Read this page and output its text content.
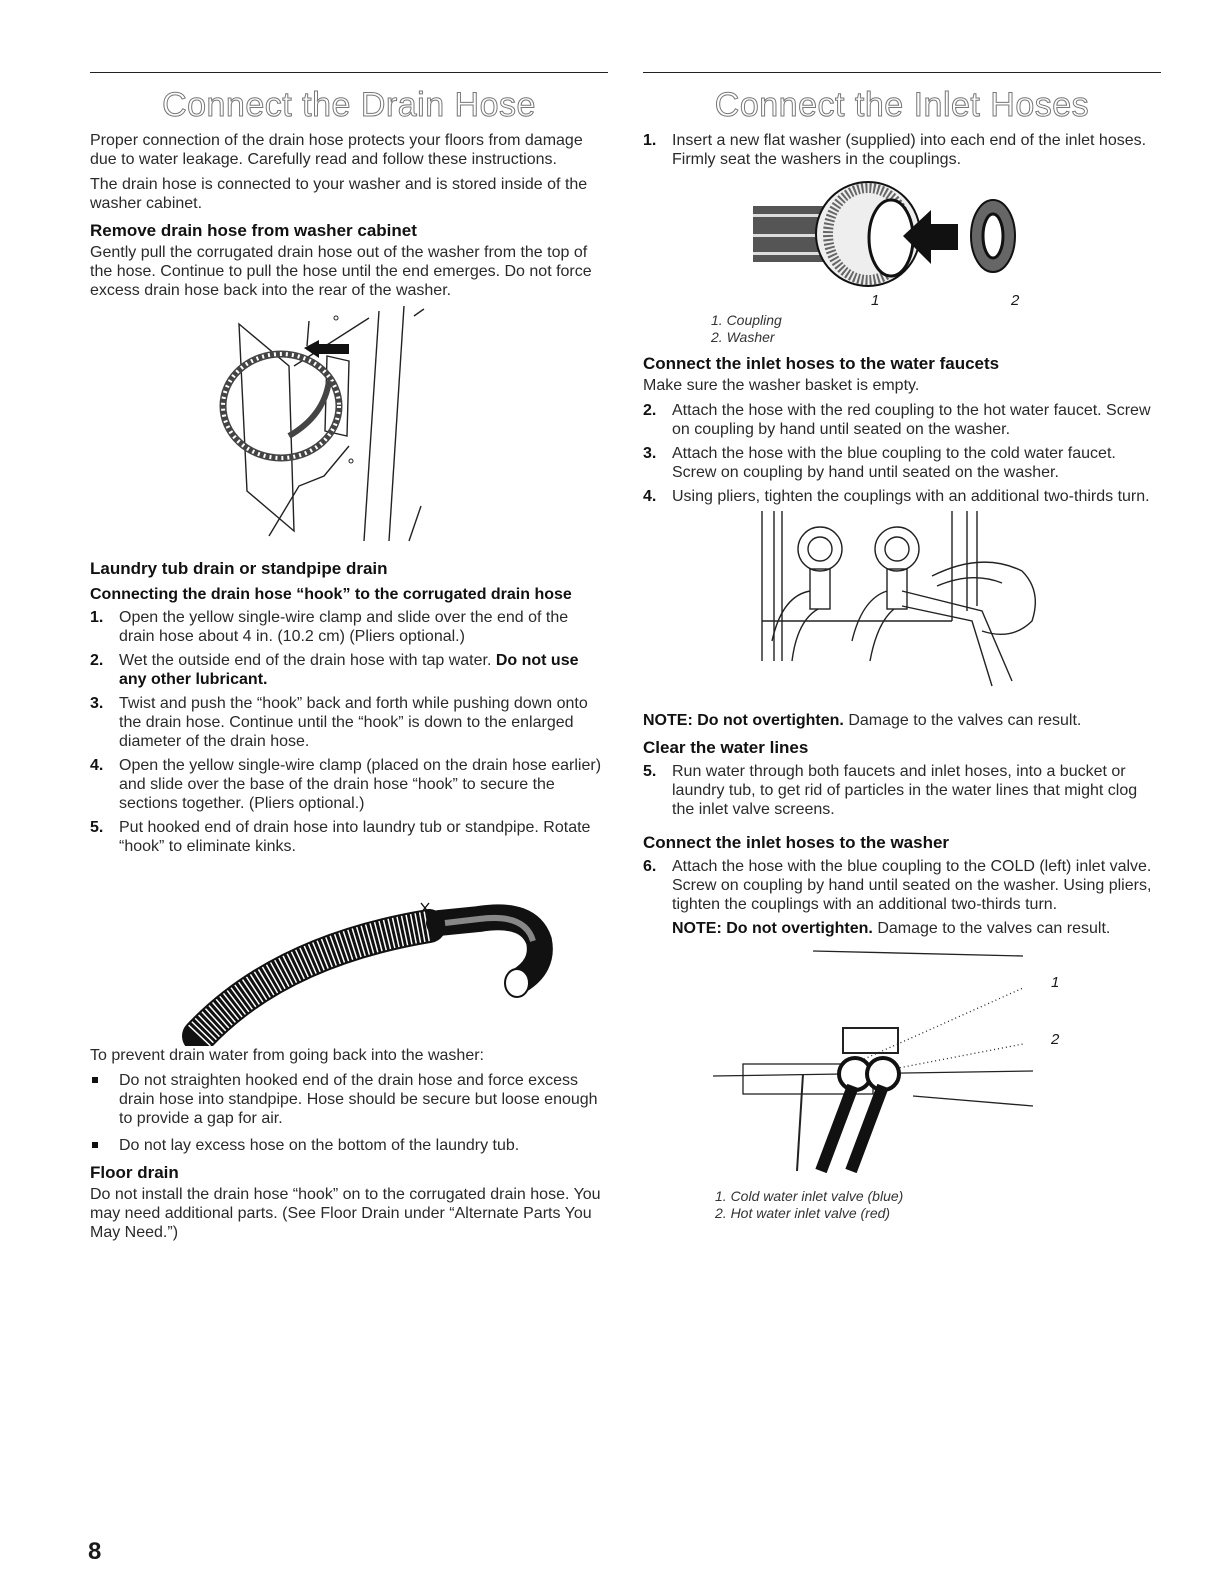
Connect the Drain Hose

Proper connection of the drain hose protects your floors from damage due to water leakage. Carefully read and follow these instructions.

The drain hose is connected to your washer and is stored inside of the washer cabinet.

Remove drain hose from washer cabinet

Gently pull the corrugated drain hose out of the washer from the top of the hose. Continue to pull the hose until the end emerges. Do not force excess drain hose back into the rear of the washer.

Laundry tub drain or standpipe drain
Connecting the drain hose “hook” to the corrugated drain hose
1. Open the yellow single-wire clamp and slide over the end of the drain hose about 4 in. (10.2 cm) (Pliers optional.)
2. Wet the outside end of the drain hose with tap water. Do not use any other lubricant.
3. Twist and push the “hook” back and forth while pushing down onto the drain hose. Continue until the “hook” is down to the enlarged diameter of the drain hose.
4. Open the yellow single-wire clamp (placed on the drain hose earlier) and slide over the base of the drain hose “hook” to secure the sections together. (Pliers optional.)
5. Put hooked end of drain hose into laundry tub or standpipe. Rotate “hook” to eliminate kinks.

To prevent drain water from going back into the washer:

Do not straighten hooked end of the drain hose and force excess drain hose into standpipe. Hose should be secure but loose enough to provide a gap for air.
Do not lay excess hose on the bottom of the laundry tub.
Floor drain

Do not install the drain hose “hook” on to the corrugated drain hose. You may need additional parts. (See Floor Drain under “Alternate Parts You May Need.”)

Connect the Inlet Hoses
1. Insert a new flat washer (supplied) into each end of the inlet hoses. Firmly seat the washers in the couplings.
1	2
1. Coupling
2. Washer
Connect the inlet hoses to the water faucets

Make sure the washer basket is empty.

2. Attach the hose with the red coupling to the hot water faucet. Screw on coupling by hand until seated on the washer.
3. Attach the hose with the blue coupling to the cold water faucet. Screw on coupling by hand until seated on the washer.
4. Using pliers, tighten the couplings with an additional two-thirds turn.

NOTE: Do not overtighten. Damage to the valves can result.

Clear the water lines
5. Run water through both faucets and inlet hoses, into a bucket or laundry tub, to get rid of particles in the water lines that might clog the inlet valve screens.
Connect the inlet hoses to the washer
6. Attach the hose with the blue coupling to the COLD (left) inlet valve. Screw on coupling by hand until seated on the washer. Using pliers, tighten the couplings with an additional two-thirds turn.

NOTE: Do not overtighten. Damage to the valves can result.

1
2
1. Cold water inlet valve (blue)
2. Hot water inlet valve (red)
8
